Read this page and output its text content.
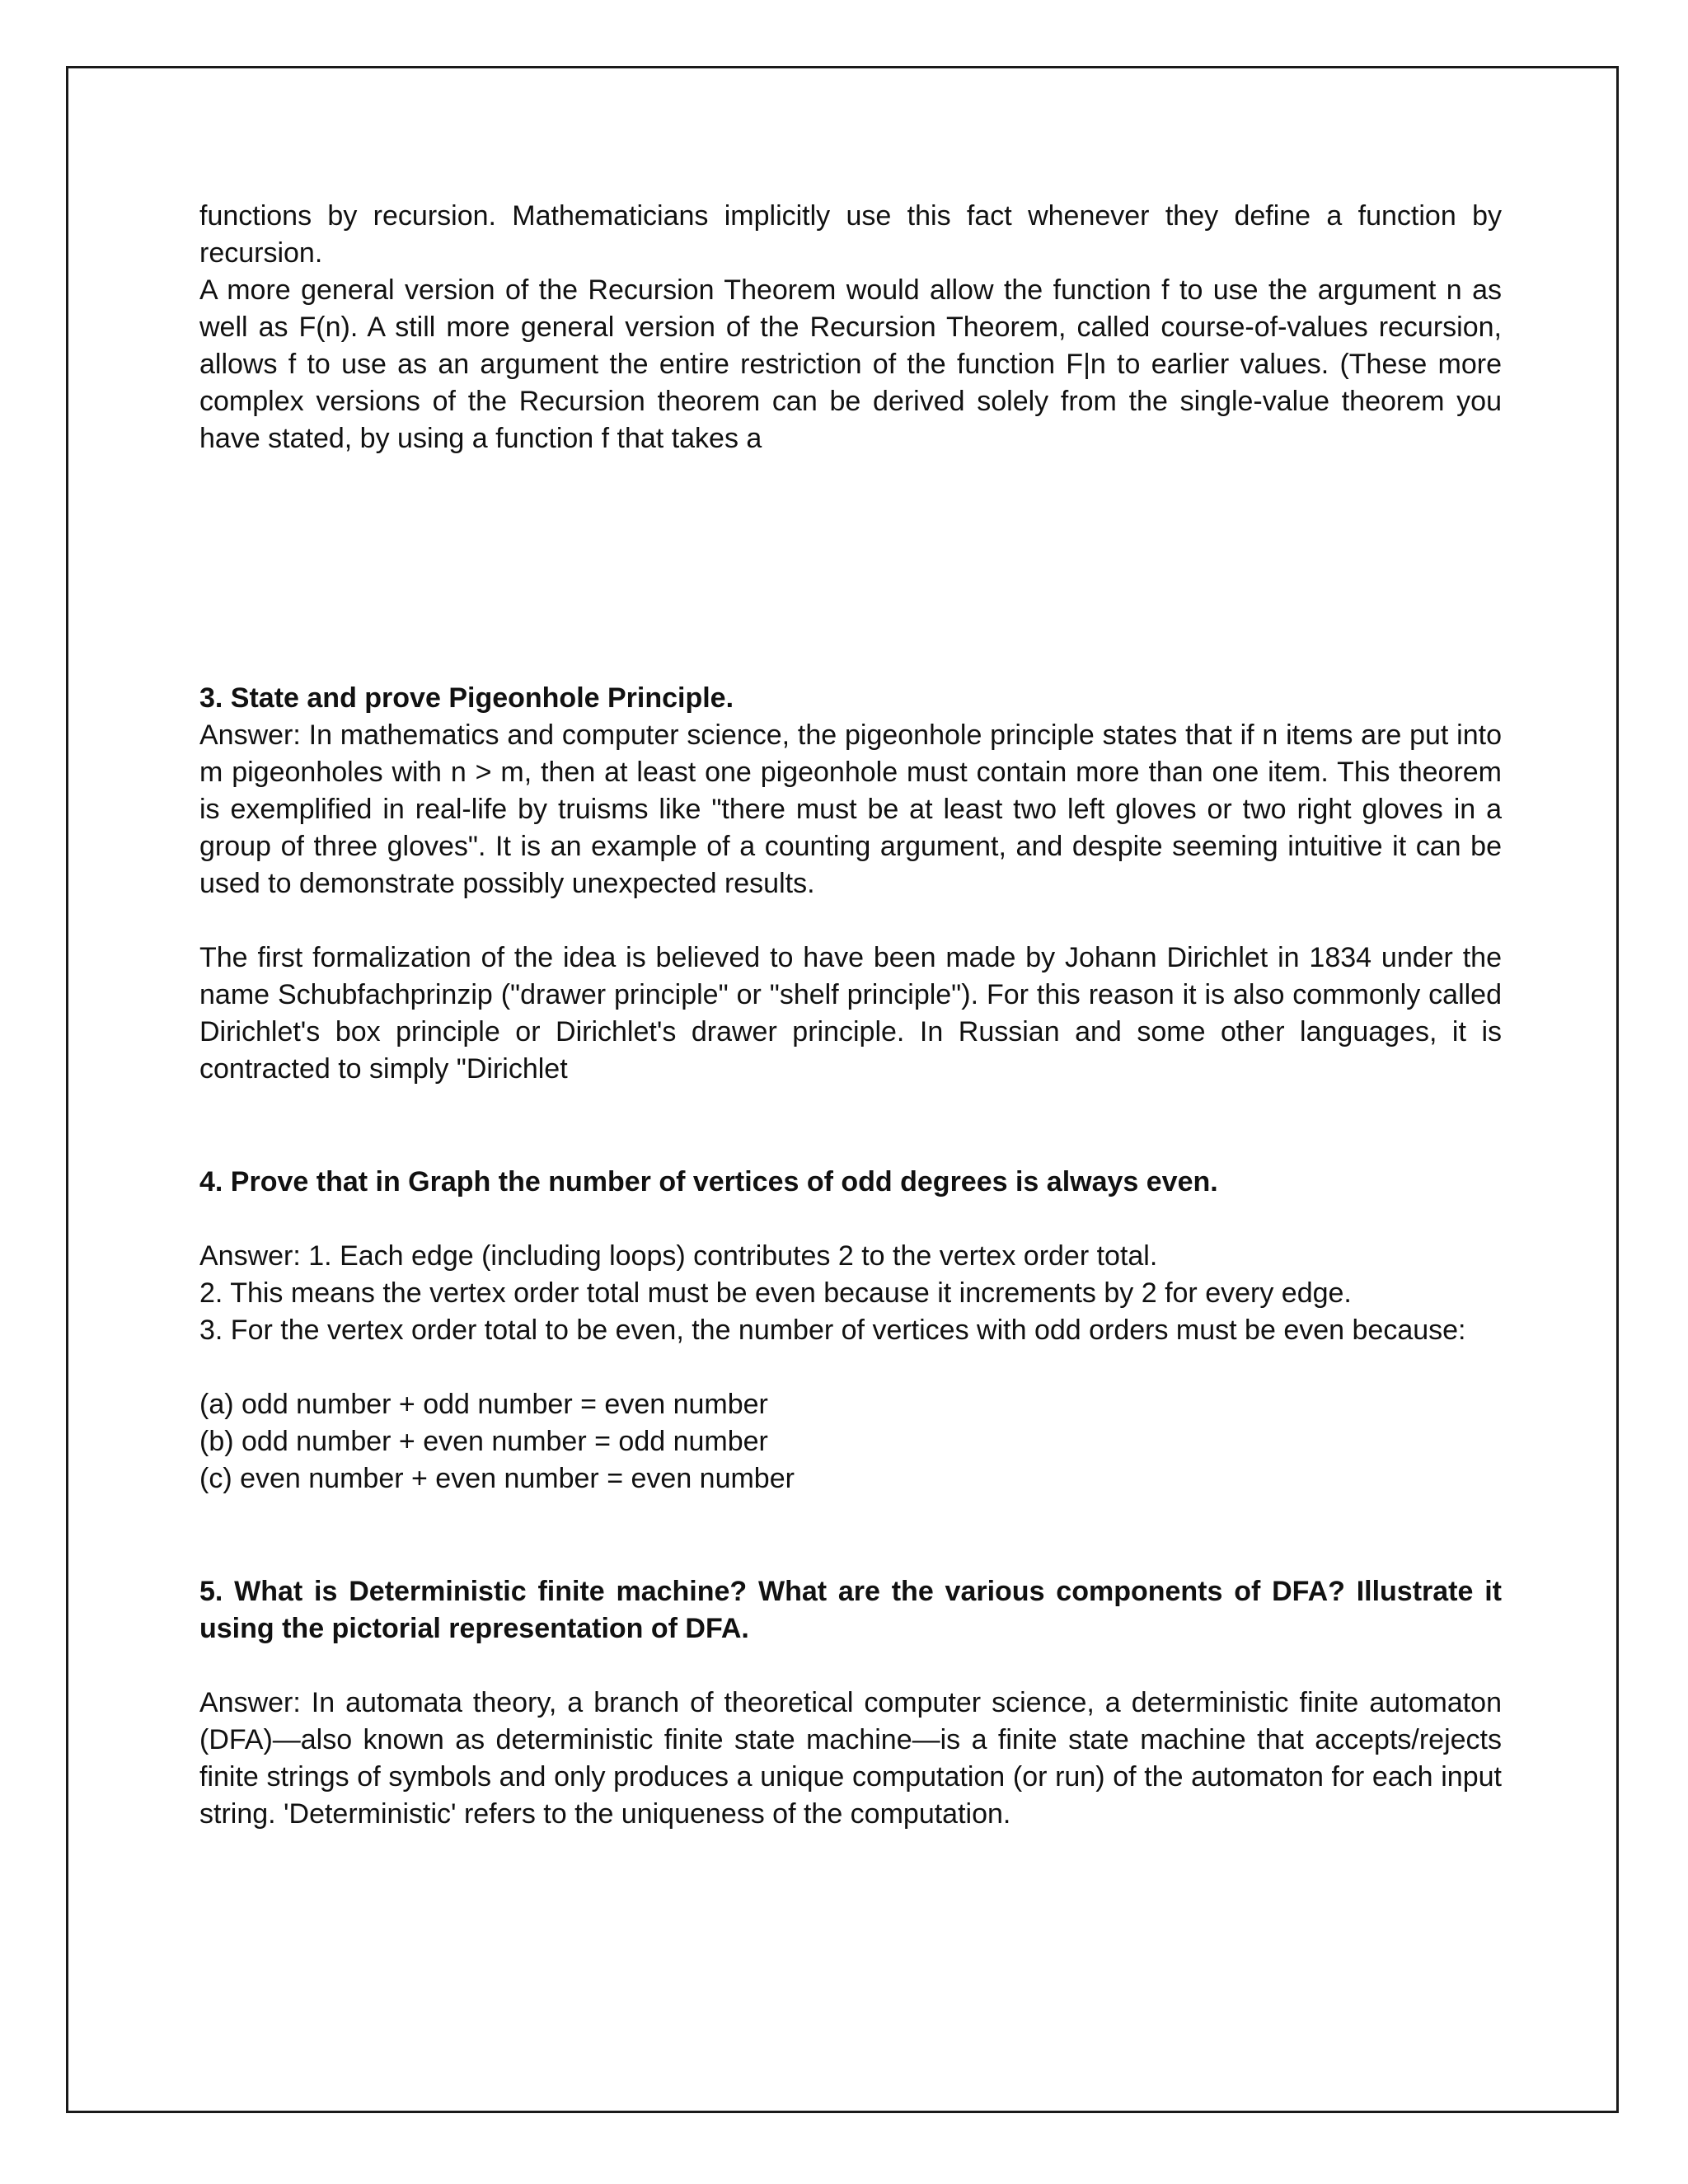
functions by recursion. Mathematicians implicitly use this fact whenever they define a function by recursion.

A more general version of the Recursion Theorem would allow the function f to use the argument n as well as F(n). A still more general version of the Recursion Theorem, called course-of-values recursion, allows f to use as an argument the entire restriction of the function F|n to earlier values. (These more complex versions of the Recursion theorem can be derived solely from the single-value theorem you have stated, by using a function f that takes a

3. State and prove Pigeonhole Principle.

Answer: In mathematics and computer science, the pigeonhole principle states that if n items are put into m pigeonholes with n > m, then at least one pigeonhole must contain more than one item. This theorem is exemplified in real-life by truisms like "there must be at least two left gloves or two right gloves in a group of three gloves". It is an example of a counting argument, and despite seeming intuitive it can be used to demonstrate possibly unexpected results.

The first formalization of the idea is believed to have been made by Johann Dirichlet in 1834 under the name Schubfachprinzip ("drawer principle" or "shelf principle"). For this reason it is also commonly called Dirichlet's box principle or Dirichlet's drawer principle. In Russian and some other languages, it is contracted to simply "Dirichlet

4. Prove that in Graph the number of vertices of odd degrees is always even.

Answer: 1. Each edge (including loops) contributes 2 to the vertex order total.

2. This means the vertex order total must be even because it increments by 2 for every edge.

3. For the vertex order total to be even, the number of vertices with odd orders must be even because:

(a) odd number + odd number = even number

(b) odd number + even number = odd number

(c) even number + even number = even number

5. What is Deterministic finite machine? What are the various components of DFA? Illustrate it using the pictorial representation of DFA.

Answer: In automata theory, a branch of theoretical computer science, a deterministic finite automaton (DFA)—also known as deterministic finite state machine—is a finite state machine that accepts/rejects finite strings of symbols and only produces a unique computation (or run) of the automaton for each input string. 'Deterministic' refers to the uniqueness of the computation.
